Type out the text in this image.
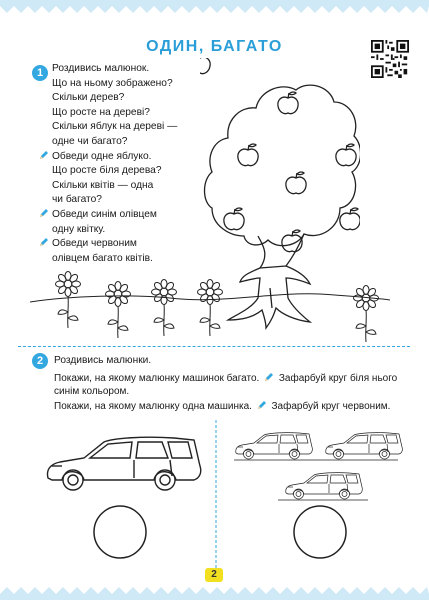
ОДИН, БАГАТО
1 Роздивись малюнок.
Що на ньому зображено?
Скільки дерев?
Що росте на дереві?
Скільки яблук на дереві —
одне чи багато?
Обведи одне яблуко.
Що росте біля дерева?
Скільки квітів — одна
чи багато?
Обведи синім олівцем
одну квітку.
Обведи червоним
олівцем багато квітів.
2	Роздивись малюнки.
Покажи, на якому малюнку машинок багато. Зафарбуй круг біля нього синім кольором.
Покажи, на якому малюнку одна машинка. Зафарбуй круг червоним.
2
